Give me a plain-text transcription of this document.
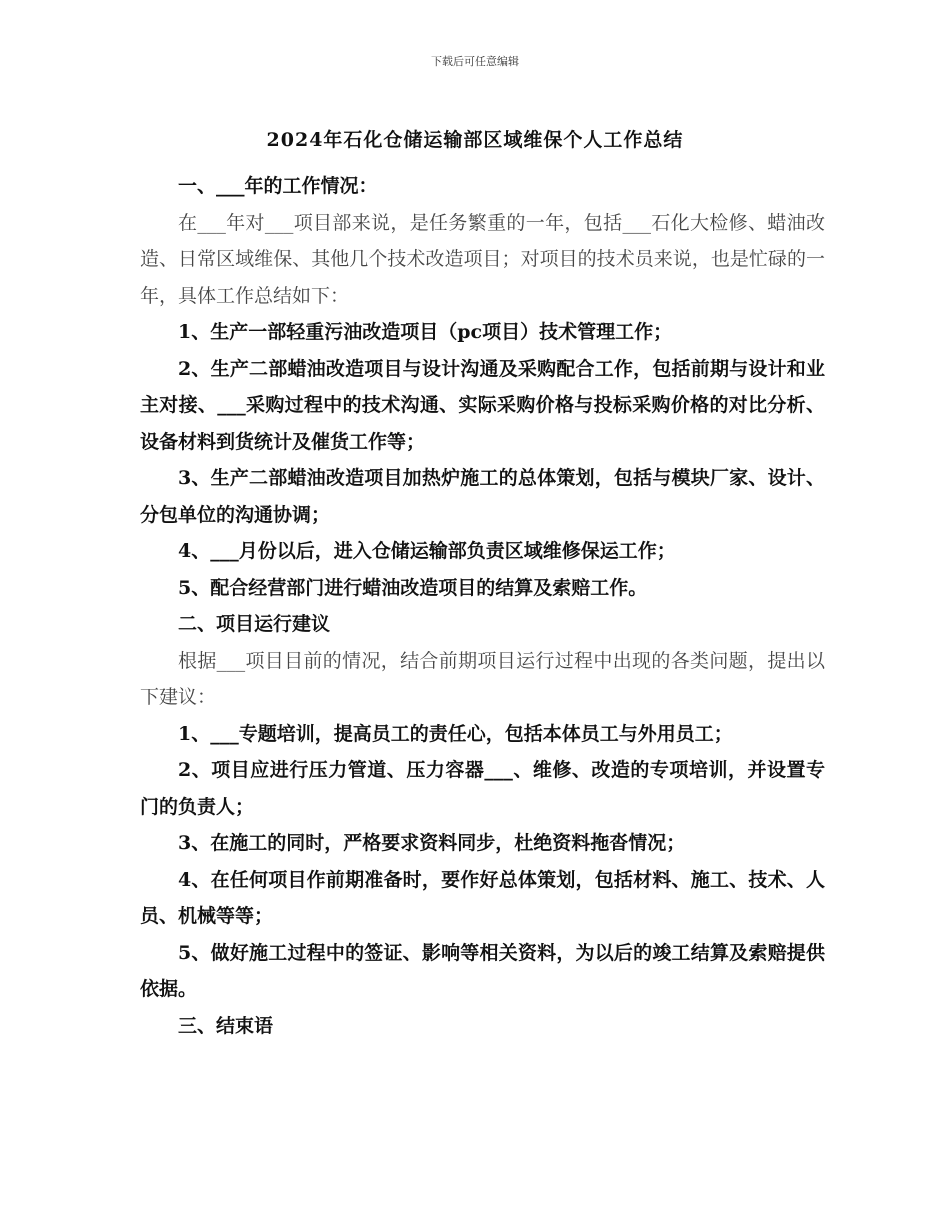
下载后可任意编辑
2024年石化仓储运输部区域维保个人工作总结

一、___年的工作情况：

在___年对___项目部来说，是任务繁重的一年，包括___石化大检修、蜡油改造、日常区域维保、其他几个技术改造项目；对项目的技术员来说，也是忙碌的一年，具体工作总结如下：

1、生产一部轻重污油改造项目（pc项目）技术管理工作；

2、生产二部蜡油改造项目与设计沟通及采购配合工作，包括前期与设计和业主对接、___采购过程中的技术沟通、实际采购价格与投标采购价格的对比分析、设备材料到货统计及催货工作等；

3、生产二部蜡油改造项目加热炉施工的总体策划，包括与模块厂家、设计、分包单位的沟通协调；

4、___月份以后，进入仓储运输部负责区域维修保运工作；

5、配合经营部门进行蜡油改造项目的结算及索赔工作。

二、项目运行建议

根据___项目目前的情况，结合前期项目运行过程中出现的各类问题，提出以下建议：

1、___专题培训，提高员工的责任心，包括本体员工与外用员工；

2、项目应进行压力管道、压力容器___、维修、改造的专项培训，并设置专门的负责人；

3、在施工的同时，严格要求资料同步，杜绝资料拖沓情况；

4、在任何项目作前期准备时，要作好总体策划，包括材料、施工、技术、人员、机械等等；

5、做好施工过程中的签证、影响等相关资料，为以后的竣工结算及索赔提供依据。

三、结束语
